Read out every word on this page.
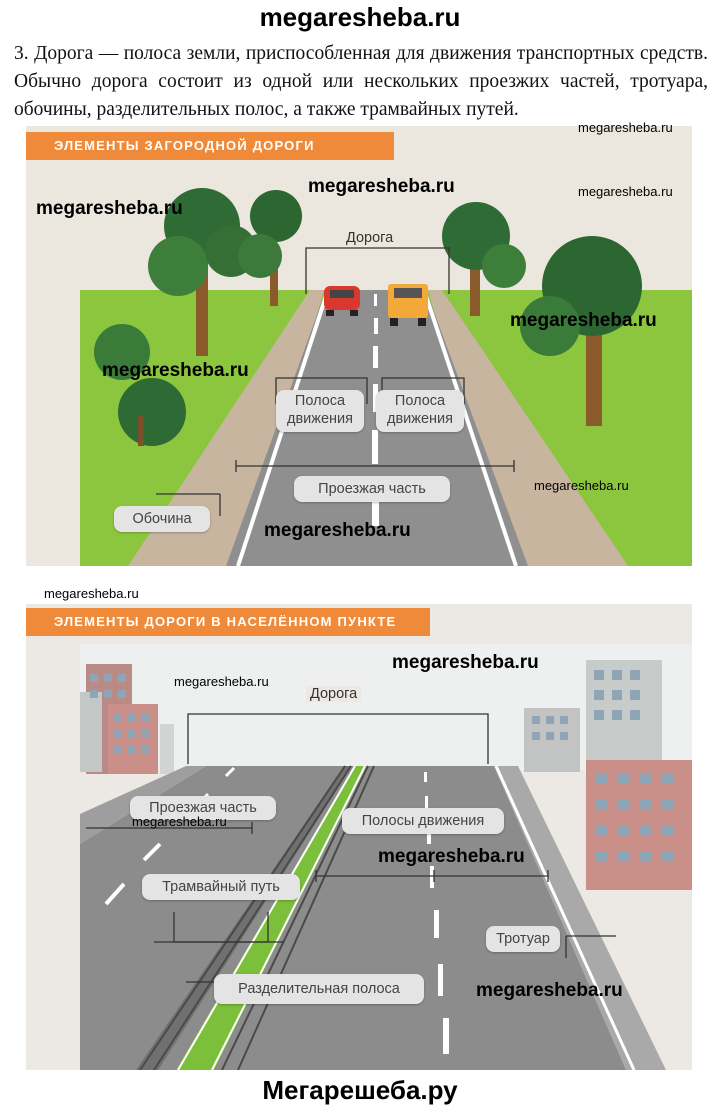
megaresheba.ru

3. Дорога — полоса земли, приспособленная для движения транспортных средств. Обычно дорога состоит из одной или нескольких проезжих частей, тротуара, обочины, разделительных полос, а также трамвайных путей.

ЭЛЕМЕНТЫ ЗАГОРОДНОЙ ДОРОГИ
Дорога
Полоса
движения
Полоса
движения
Проезжая часть
Обочина
ЭЛЕМЕНТЫ ДОРОГИ В НАСЕЛЁННОМ ПУНКТЕ
Дорога
Проезжая часть
Полосы движения
Трамвайный путь
Тротуар
Разделительная полоса
megaresheba.ru
megaresheba.ru
megaresheba.ru
megaresheba.ru
megaresheba.ru
megaresheba.ru
megaresheba.ru
megaresheba.ru
megaresheba.ru
megaresheba.ru
megaresheba.ru
megaresheba.ru
megaresheba.ru
megaresheba.ru
Мегарешеба.ру
